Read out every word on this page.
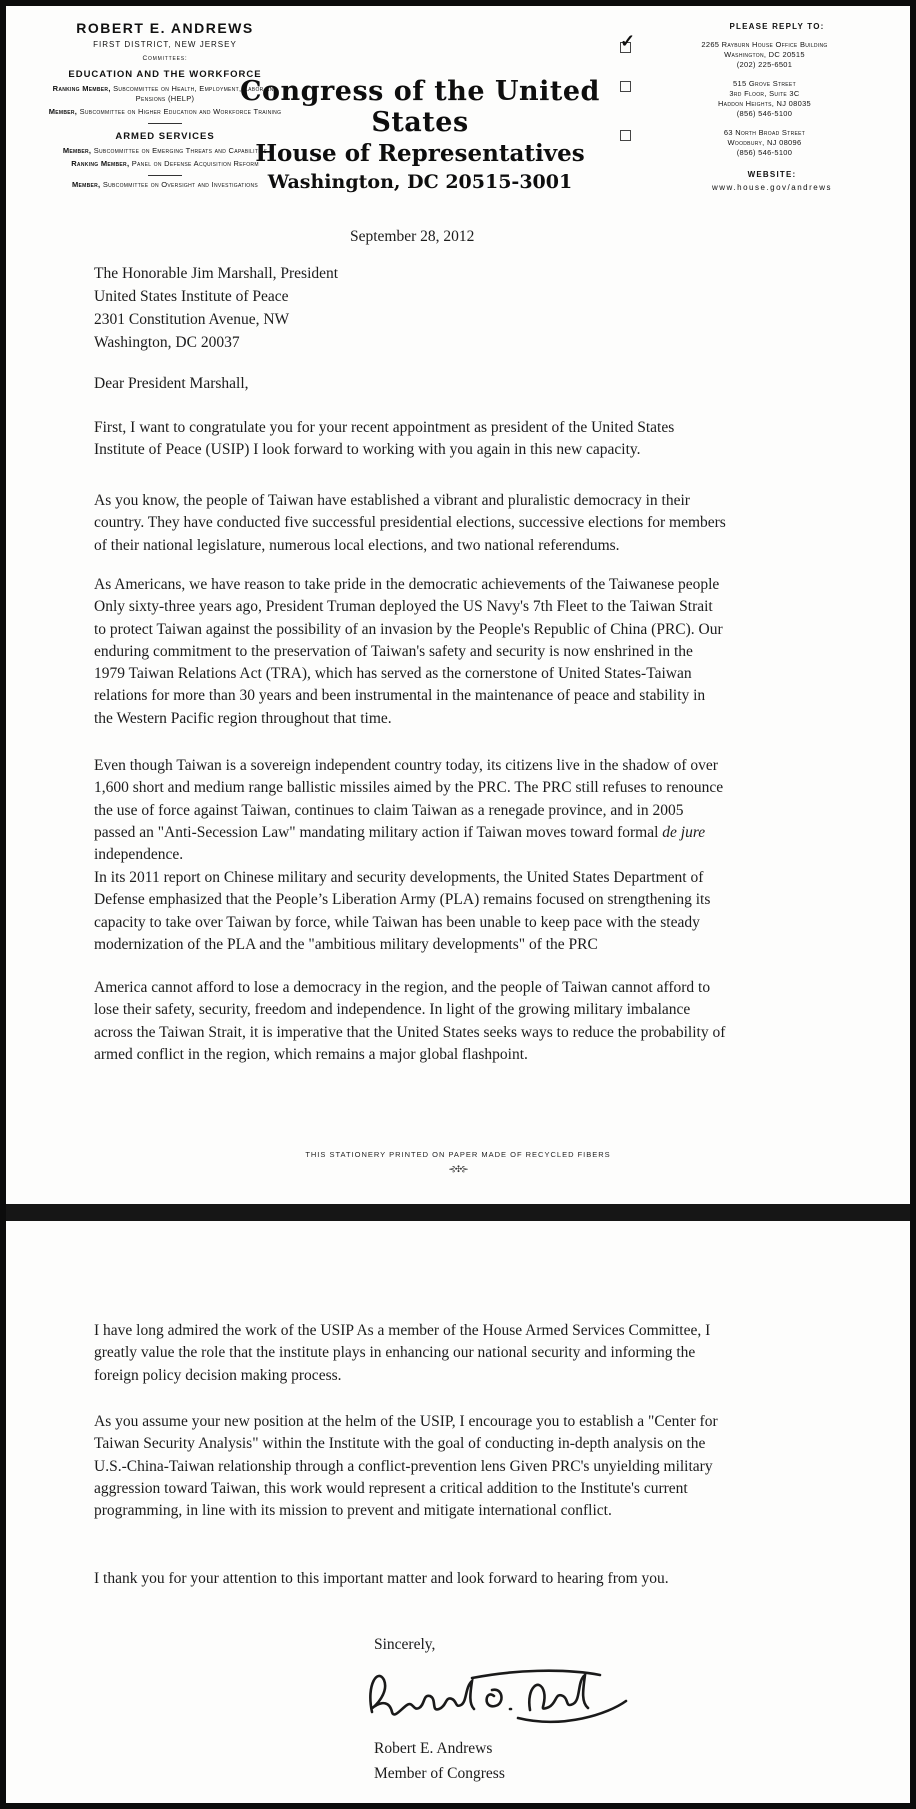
ROBERT E. ANDREWS
FIRST DISTRICT, NEW JERSEY
Committees:
EDUCATION AND THE WORKFORCE
Ranking Member, Subcommittee on Health, Employment, Labor and Pensions (HELP)
Member, Subcommittee on Higher Education and Workforce Training
ARMED SERVICES
Member, Subcommittee on Emerging Threats and Capabilities
Ranking Member, Panel on Defense Acquisition Reform
Member, Subcommittee on Oversight and Investigations
Congress of the United States
House of Representatives
Washington, DC 20515-3001
PLEASE REPLY TO:
✓	2265 Rayburn House Office Building
Washington, DC 20515
(202) 225-6501
515 Grove Street
3rd Floor, Suite 3C
Haddon Heights, NJ 08035
(856) 546-5100
63 North Broad Street
Woodbury, NJ 08096
(856) 546-5100
WEBSITE:
www.house.gov/andrews
September 28, 2012
The Honorable Jim Marshall, President
United States Institute of Peace
2301 Constitution Avenue, NW
Washington, DC 20037
Dear President Marshall,

First, I want to congratulate you for your recent appointment as president of the United States Institute of Peace (USIP) I look forward to working with you again in this new capacity.

As you know, the people of Taiwan have established a vibrant and pluralistic democracy in their country. They have conducted five successful presidential elections, successive elections for members of their national legislature, numerous local elections, and two national referendums.

As Americans, we have reason to take pride in the democratic achievements of the Taiwanese people Only sixty-three years ago, President Truman deployed the US Navy's 7th Fleet to the Taiwan Strait to protect Taiwan against the possibility of an invasion by the People's Republic of China (PRC). Our enduring commitment to the preservation of Taiwan's safety and security is now enshrined in the 1979 Taiwan Relations Act (TRA), which has served as the cornerstone of United States-Taiwan relations for more than 30 years and been instrumental in the maintenance of peace and stability in the Western Pacific region throughout that time.

Even though Taiwan is a sovereign independent country today, its citizens live in the shadow of over 1,600 short and medium range ballistic missiles aimed by the PRC. The PRC still refuses to renounce the use of force against Taiwan, continues to claim Taiwan as a renegade province, and in 2005 passed an "Anti-Secession Law" mandating military action if Taiwan moves toward formal de jure independence.

In its 2011 report on Chinese military and security developments, the United States Department of Defense emphasized that the People’s Liberation Army (PLA) remains focused on strengthening its capacity to take over Taiwan by force, while Taiwan has been unable to keep pace with the steady modernization of the PLA and the "ambitious military developments" of the PRC

America cannot afford to lose a democracy in the region, and the people of Taiwan cannot afford to lose their safety, security, freedom and independence. In light of the growing military imbalance across the Taiwan Strait, it is imperative that the United States seeks ways to reduce the probability of armed conflict in the region, which remains a major global flashpoint.

THIS STATIONERY PRINTED ON PAPER MADE OF RECYCLED FIBERS
⊰✣⊱

I have long admired the work of the USIP As a member of the House Armed Services Committee, I greatly value the role that the institute plays in enhancing our national security and informing the foreign policy decision making process.

As you assume your new position at the helm of the USIP, I encourage you to establish a "Center for Taiwan Security Analysis" within the Institute with the goal of conducting in-depth analysis on the U.S.-China-Taiwan relationship through a conflict-prevention lens Given PRC's unyielding military aggression toward Taiwan, this work would represent a critical addition to the Institute's current programming, in line with its mission to prevent and mitigate international conflict.

I thank you for your attention to this important matter and look forward to hearing from you.

Sincerely,
Robert E. Andrews
Member of Congress
